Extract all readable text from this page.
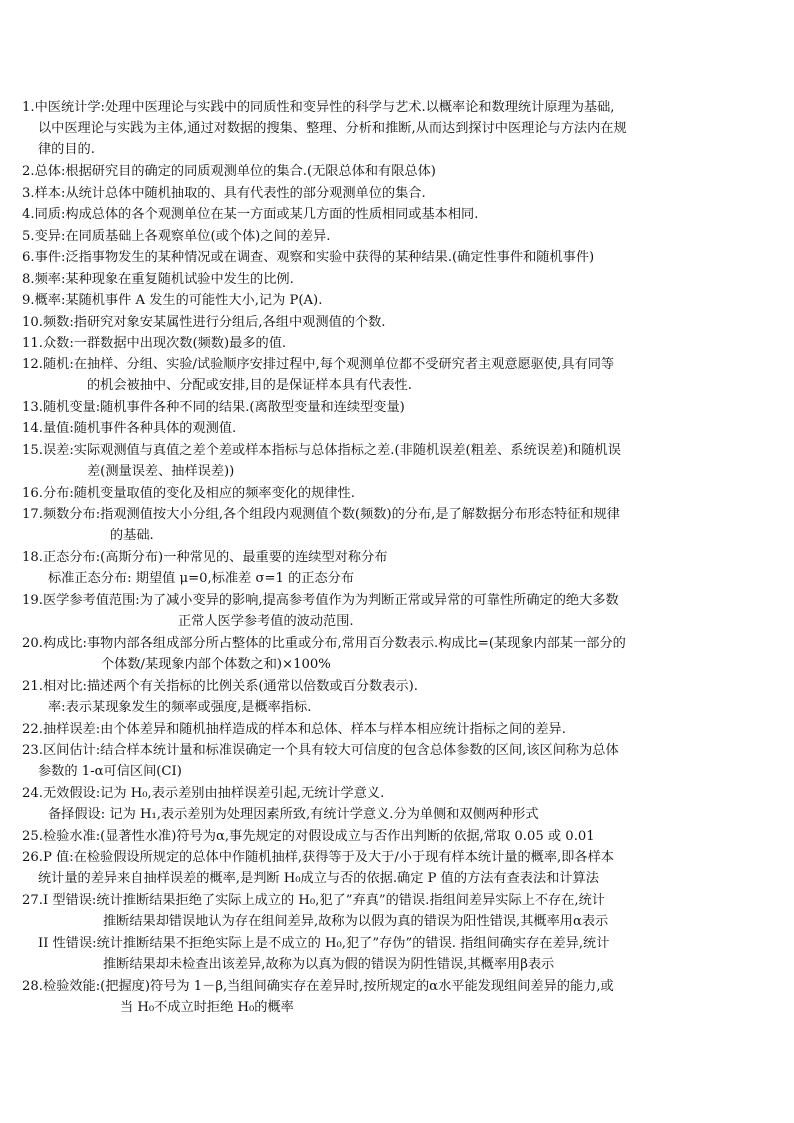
1.中医统计学:处理中医理论与实践中的同质性和变异性的科学与艺术.以概率论和数理统计原理为基础,
以中医理论与实践为主体,通过对数据的搜集、整理、分析和推断,从而达到探讨中医理论与方法内在规
律的目的.
2.总体:根据研究目的确定的同质观测单位的集合.(无限总体和有限总体)
3.样本:从统计总体中随机抽取的、具有代表性的部分观测单位的集合.
4.同质:构成总体的各个观测单位在某一方面或某几方面的性质相同或基本相同.
5.变异:在同质基础上各观察单位(或个体)之间的差异.
6.事件:泛指事物发生的某种情况或在调查、观察和实验中获得的某种结果.(确定性事件和随机事件)
8.频率:某种现象在重复随机试验中发生的比例.
9.概率:某随机事件 A 发生的可能性大小,记为 P(A).
10.频数:指研究对象安某属性进行分组后,各组中观测值的个数.
11.众数:一群数据中出现次数(频数)最多的值.
12.随机:在抽样、分组、实验/试验顺序安排过程中,每个观测单位都不受研究者主观意愿驱使,具有同等
的机会被抽中、分配或安排,目的是保证样本具有代表性.
13.随机变量:随机事件各种不同的结果.(离散型变量和连续型变量)
14.量值:随机事件各种具体的观测值.
15.误差:实际观测值与真值之差个差或样本指标与总体指标之差.(非随机误差(粗差、系统误差)和随机误
差(测量误差、抽样误差))
16.分布:随机变量取值的变化及相应的频率变化的规律性.
17.频数分布:指观测值按大小分组,各个组段内观测值个数(频数)的分布,是了解数据分布形态特征和规律
的基础.
18.正态分布:(高斯分布)一种常见的、最重要的连续型对称分布
标准正态分布: 期望值 μ=0,标准差 σ=1 的正态分布
19.医学参考值范围:为了减小变异的影响,提高参考值作为为判断正常或异常的可靠性所确定的绝大多数
正常人医学参考值的波动范围.
20.构成比:事物内部各组成部分所占整体的比重或分布,常用百分数表示.构成比=(某现象内部某一部分的
个体数/某现象内部个体数之和)×100%
21.相对比:描述两个有关指标的比例关系(通常以倍数或百分数表示).
率:表示某现象发生的频率或强度,是概率指标.
22.抽样误差:由个体差异和随机抽样造成的样本和总体、样本与样本相应统计指标之间的差异.
23.区间估计:结合样本统计量和标准误确定一个具有较大可信度的包含总体参数的区间,该区间称为总体
参数的 1-α可信区间(CI)
24.无效假设:记为 H₀,表示差别由抽样误差引起,无统计学意义.
备择假设: 记为 H₁,表示差别为处理因素所致,有统计学意义.分为单侧和双侧两种形式
25.检验水准:(显著性水准)符号为α,事先规定的对假设成立与否作出判断的依据,常取 0.05 或 0.01
26.P 值:在检验假设所规定的总体中作随机抽样,获得等于及大于/小于现有样本统计量的概率,即各样本
统计量的差异来自抽样误差的概率,是判断 H₀成立与否的依据.确定 P 值的方法有查表法和计算法
27.I 型错误:统计推断结果拒绝了实际上成立的 H₀,犯了”弃真”的错误.指组间差异实际上不存在,统计
推断结果却错误地认为存在组间差异,故称为以假为真的错误为阳性错误,其概率用α表示
II 性错误:统计推断结果不拒绝实际上是不成立的 H₀,犯了”存伪”的错误. 指组间确实存在差异,统计
推断结果却未检查出该差异,故称为以真为假的错误为阴性错误,其概率用β表示
28.检验效能:(把握度)符号为 1－β,当组间确实存在差异时,按所规定的α水平能发现组间差异的能力,或
当 H₀不成立时拒绝 H₀的概率
